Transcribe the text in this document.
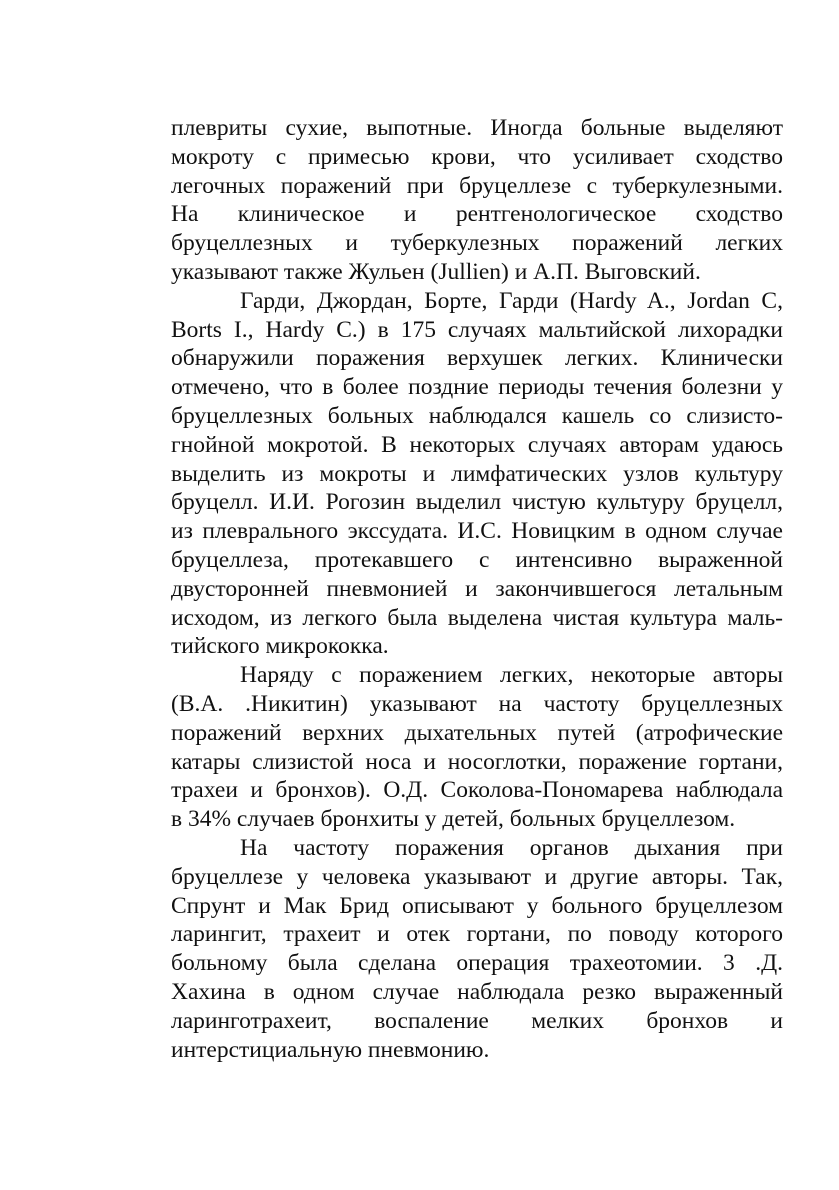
плевриты сухие, выпотные. Иногда больные выделяют
мокроту с примесью крови, что усиливает сходство
легочных поражений при бруцеллезе с туберкулезными.
На клиническое и рентгенологическое сходство
бруцеллезных и туберкулезных поражений легких
указывают также Жульен (Jullien) и А.П. Выговский.
Гарди, Джордан, Борте, Гарди (Hardy A., Jordan C,
Borts I., Hardy C.) в 175 случаях мальтийской лихорадки
обнаружили поражения верхушек легких. Клинически
отмечено, что в более поздние периоды течения болезни у
бруцеллезных больных наблюдался кашель со слизисто-
гнойной мокротой. В некоторых случаях авторам удаюсь
выделить из мокроты и лимфатических узлов культуру
бруцелл. И.И. Рогозин выделил чистую культуру бруцелл,
из плеврального экссудата. И.С. Новицким в одном случае
бруцеллеза, протекавшего с интенсивно выраженной
двусторонней пневмонией и закончившегося летальным
исходом, из легкого была выделена чистая культура маль-
тийского микрококка.
Наряду с поражением легких, некоторые авторы
(В.А. .Никитин) указывают на частоту бруцеллезных
поражений верхних дыхательных путей (атрофические
катары слизистой носа и носоглотки, поражение гортани,
трахеи и бронхов). О.Д. Соколова-Пономарева наблюдала
в 34% случаев бронхиты у детей, больных бруцеллезом.
На частоту поражения органов дыхания при
бруцеллезе у человека указывают и другие авторы. Так,
Спрунт и Мак Брид описывают у больного бруцеллезом
ларингит, трахеит и отек гортани, по поводу которого
больному была сделана операция трахеотомии. 3 .Д.
Хахина в одном случае наблюдала резко выраженный
ларинготрахеит, воспаление мелких бронхов и
интерстициальную пневмонию.
